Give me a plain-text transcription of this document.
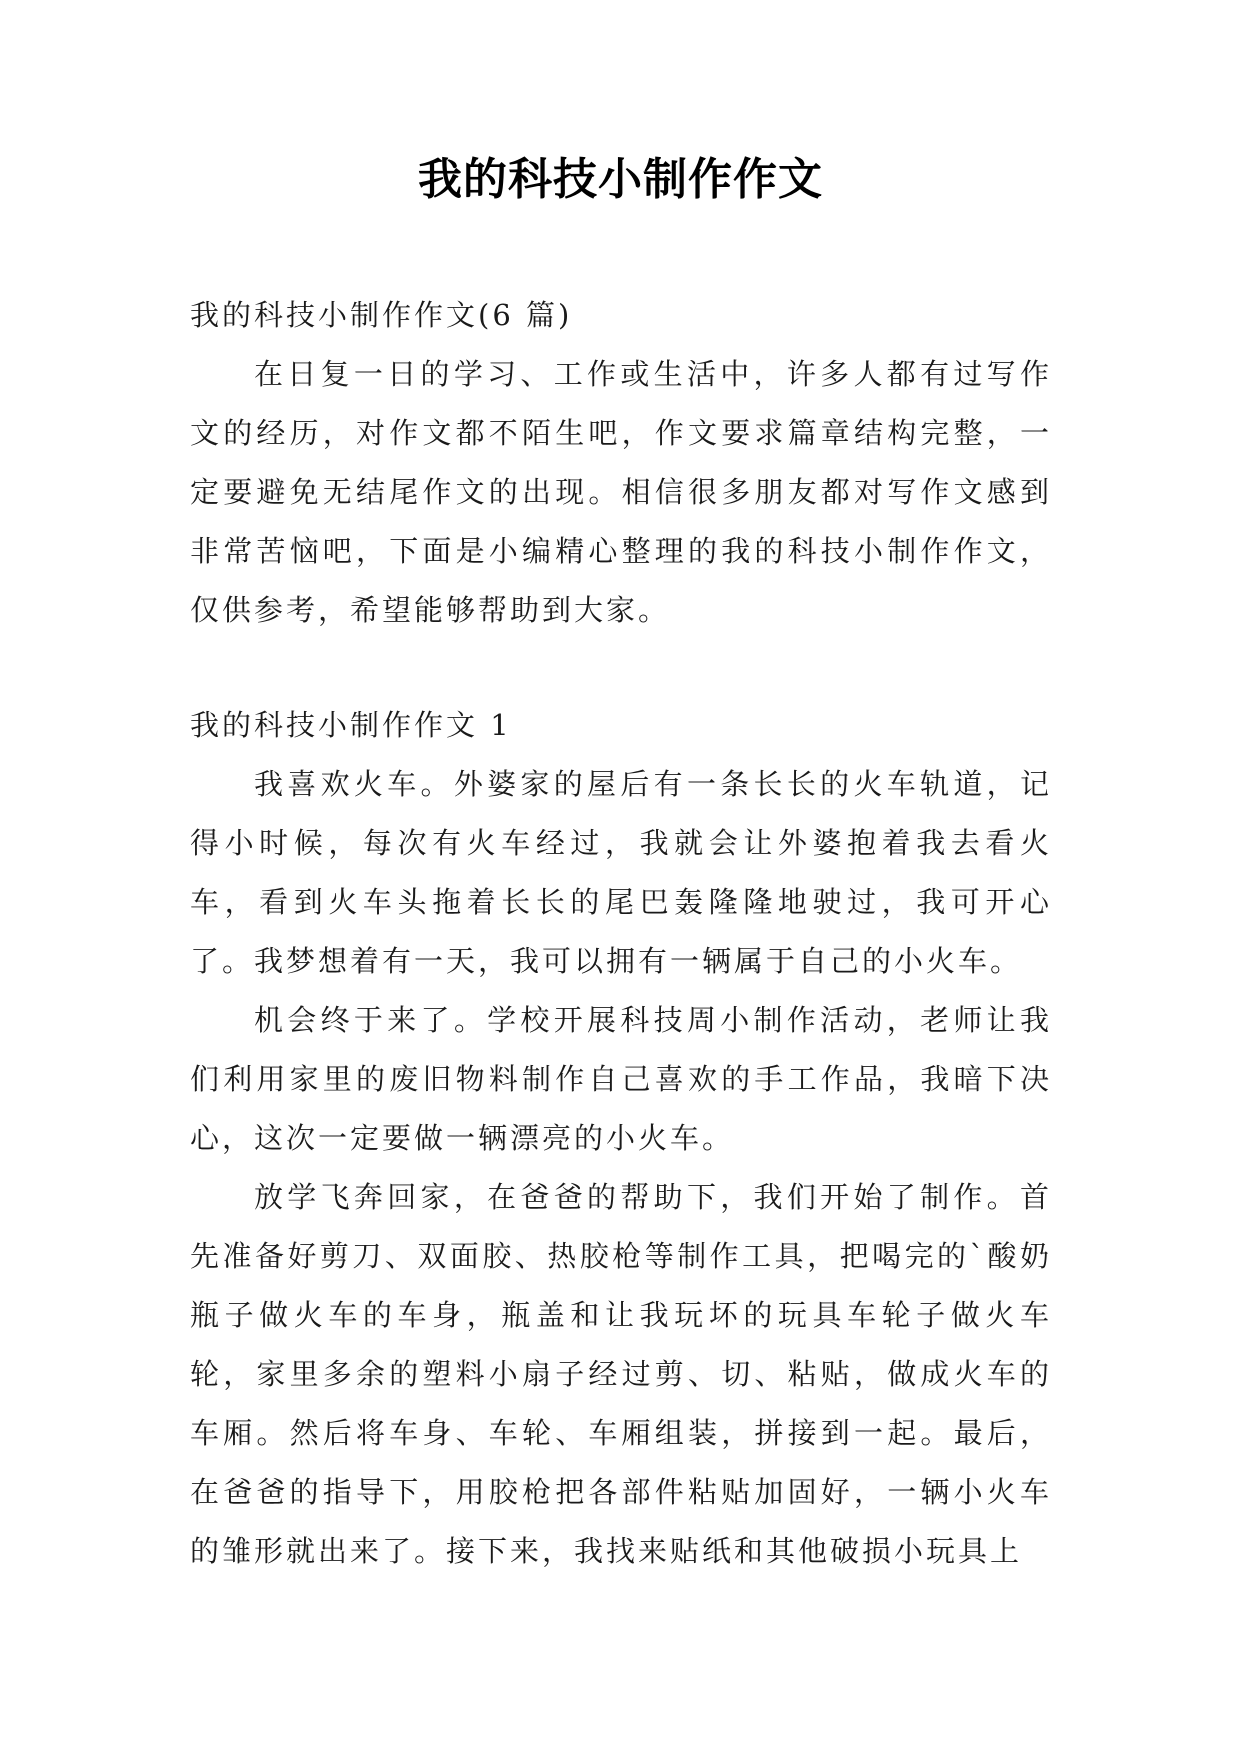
我的科技小制作作文

我的科技小制作作文(6 篇)

在日复一日的学习、工作或生活中，许多人都有过写作文的经历，对作文都不陌生吧，作文要求篇章结构完整，一定要避免无结尾作文的出现。相信很多朋友都对写作文感到非常苦恼吧，下面是小编精心整理的我的科技小制作作文，仅供参考，希望能够帮助到大家。

我的科技小制作作文 1

我喜欢火车。外婆家的屋后有一条长长的火车轨道，记得小时候，每次有火车经过，我就会让外婆抱着我去看火车，看到火车头拖着长长的尾巴轰隆隆地驶过，我可开心了。我梦想着有一天，我可以拥有一辆属于自己的小火车。

机会终于来了。学校开展科技周小制作活动，老师让我们利用家里的废旧物料制作自己喜欢的手工作品，我暗下决心，这次一定要做一辆漂亮的小火车。

放学飞奔回家，在爸爸的帮助下，我们开始了制作。首先准备好剪刀、双面胶、热胶枪等制作工具，把喝完的`酸奶瓶子做火车的车身，瓶盖和让我玩坏的玩具车轮子做火车轮，家里多余的塑料小扇子经过剪、切、粘贴，做成火车的车厢。然后将车身、车轮、车厢组装，拼接到一起。最后，在爸爸的指导下，用胶枪把各部件粘贴加固好，一辆小火车的雏形就出来了。接下来，我找来贴纸和其他破损小玩具上
